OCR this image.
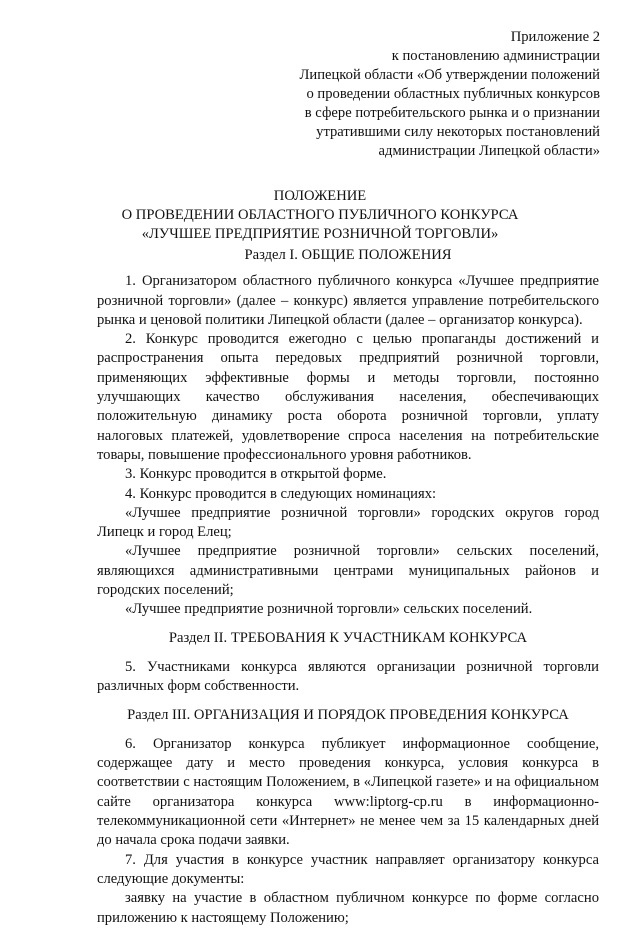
Приложение 2
к постановлению администрации
Липецкой области «Об утверждении положений
о проведении областных публичных конкурсов
в сфере потребительского рынка и о признании
утратившими силу некоторых постановлений
администрации Липецкой области»
ПОЛОЖЕНИЕ
О ПРОВЕДЕНИИ ОБЛАСТНОГО ПУБЛИЧНОГО КОНКУРСА
«ЛУЧШЕЕ ПРЕДПРИЯТИЕ РОЗНИЧНОЙ ТОРГОВЛИ»
Раздел I. ОБЩИЕ ПОЛОЖЕНИЯ
1. Организатором областного публичного конкурса «Лучшее предприятие розничной торговли» (далее – конкурс) является управление потребительского рынка и ценовой политики Липецкой области (далее – организатор конкурса).
2. Конкурс проводится ежегодно с целью пропаганды достижений и распространения опыта передовых предприятий розничной торговли, применяющих эффективные формы и методы торговли, постоянно улучшающих качество обслуживания населения, обеспечивающих положительную динамику роста оборота розничной торговли, уплату налоговых платежей, удовлетворение спроса населения на потребительские товары, повышение профессионального уровня работников.
3. Конкурс проводится в открытой форме.
4. Конкурс проводится в следующих номинациях:
«Лучшее предприятие розничной торговли» городских округов город Липецк и город Елец;
«Лучшее предприятие розничной торговли» сельских поселений, являющихся административными центрами муниципальных районов и городских поселений;
«Лучшее предприятие розничной торговли» сельских поселений.
Раздел II. ТРЕБОВАНИЯ К УЧАСТНИКАМ КОНКУРСА
5. Участниками конкурса являются организации розничной торговли различных форм собственности.
Раздел III. ОРГАНИЗАЦИЯ И ПОРЯДОК ПРОВЕДЕНИЯ КОНКУРСА
6. Организатор конкурса публикует информационное сообщение, содержащее дату и место проведения конкурса, условия конкурса в соответствии с настоящим Положением, в «Липецкой газете» и на официальном сайте организатора конкурса www:liptorg-cp.ru в информационно-телекоммуникационной сети «Интернет» не менее чем за 15 календарных дней до начала срока подачи заявки.
7. Для участия в конкурсе участник направляет организатору конкурса следующие документы:
заявку на участие в областном публичном конкурсе по форме согласно приложению к настоящему Положению;
